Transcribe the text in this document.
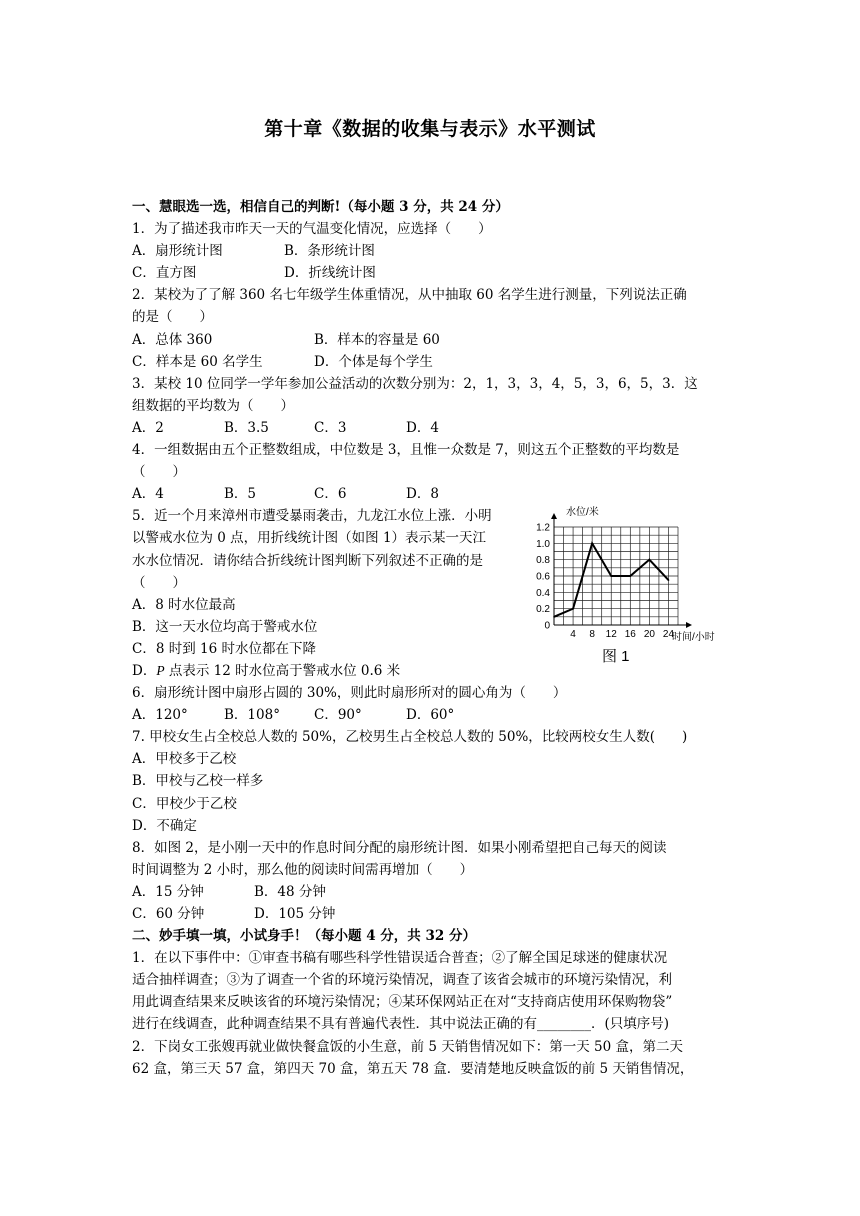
第十章《数据的收集与表示》水平测试
一、慧眼选一选，相信自己的判断!（每小题 3 分，共 24 分）
1．为了描述我市昨天一天的气温变化情况，应选择（　　）
A．扇形统计图	B．条形统计图
C．直方图	D．折线统计图
2．某校为了了解 360 名七年级学生体重情况，从中抽取 60 名学生进行测量，下列说法正确
的是（　　）
A．总体 360	B．样本的容量是 60
C．样本是 60 名学生	D．个体是每个学生
3．某校 10 位同学一学年参加公益活动的次数分别为：2，1，3，3，4，5，3，6，5，3．这
组数据的平均数为（　　）
A．2	B．3.5	C．3	D．4
4．一组数据由五个正整数组成，中位数是 3，且惟一众数是 7，则这五个正整数的平均数是
（　　）
A．4	B．5	C．6	D．8
5．近一个月来漳州市遭受暴雨袭击，九龙江水位上涨．小明
以警戒水位为 0 点，用折线统计图（如图 1）表示某一天江
水水位情况．请你结合折线统计图判断下列叙述不正确的是
（　　）
A．8 时水位最高
B．这一天水位均高于警戒水位
C．8 时到 16 时水位都在下降
D．P 点表示 12 时水位高于警戒水位 0.6 米
0
0.2
0.4
0.6
0.8
1.0
1.2
4 8 12 16 20 24
水位/米
时间/小时
图 1
6．扇形统计图中扇形占圆的 30%，则此时扇形所对的圆心角为（　　）
A．120°	B．108°	C．90°	D．60°
7. 甲校女生占全校总人数的 50%，乙校男生占全校总人数的 50%，比较两校女生人数(　　)
A．甲校多于乙校
B．甲校与乙校一样多
C．甲校少于乙校
D．不确定
8．如图 2，是小刚一天中的作息时间分配的扇形统计图．如果小刚希望把自己每天的阅读
时间调整为 2 小时，那么他的阅读时间需再增加（　　）
A．15 分钟	B．48 分钟
C．60 分钟	D．105 分钟
二、妙手填一填，小试身手！（每小题 4 分，共 32 分）
1．在以下事件中：①审查书稿有哪些科学性错误适合普查；②了解全国足球迷的健康状况
适合抽样调查；③为了调查一个省的环境污染情况，调查了该省会城市的环境污染情况，利
用此调查结果来反映该省的环境污染情况；④某环保网站正在对“支持商店使用环保购物袋”
进行在线调查，此种调查结果不具有普遍代表性．其中说法正确的有________．(只填序号)
2．下岗女工张嫂再就业做快餐盒饭的小生意，前 5 天销售情况如下：第一天 50 盒，第二天
62 盒，第三天 57 盒，第四天 70 盒，第五天 78 盒．要清楚地反映盒饭的前 5 天销售情况，
